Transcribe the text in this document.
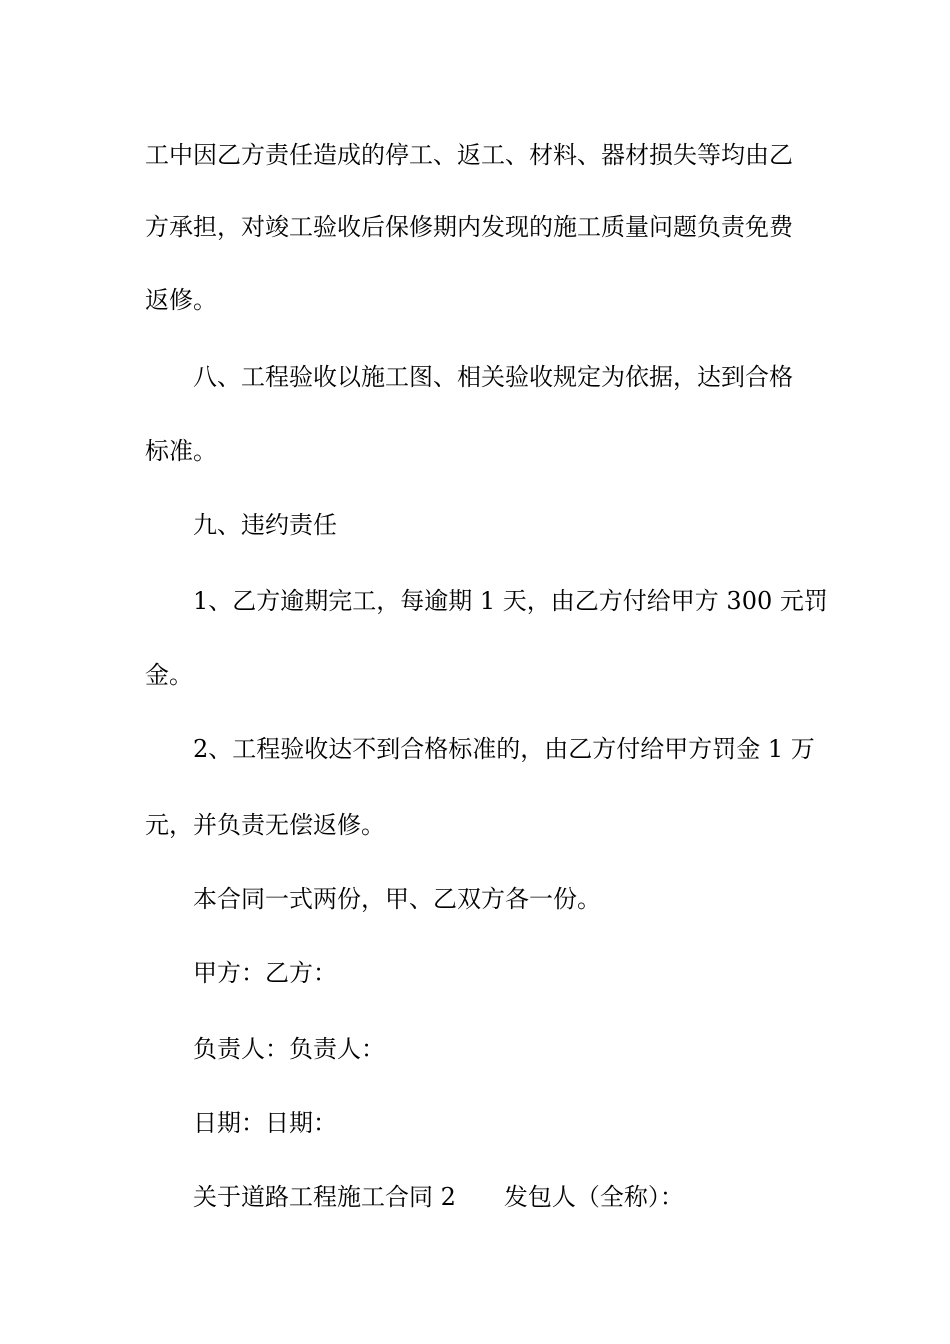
工中因乙方责任造成的停工、返工、材料、器材损失等均由乙
方承担，对竣工验收后保修期内发现的施工质量问题负责免费
返修。
八、工程验收以施工图、相关验收规定为依据，达到合格
标准。
九、违约责任
1、乙方逾期完工，每逾期 1 天，由乙方付给甲方 300 元罚
金。
2、工程验收达不到合格标准的，由乙方付给甲方罚金 1 万
元，并负责无偿返修。
本合同一式两份，甲、乙双方各一份。
甲方：乙方：
负责人：负责人：
日期：日期：
关于道路工程施工合同 2 发包人（全称）：
